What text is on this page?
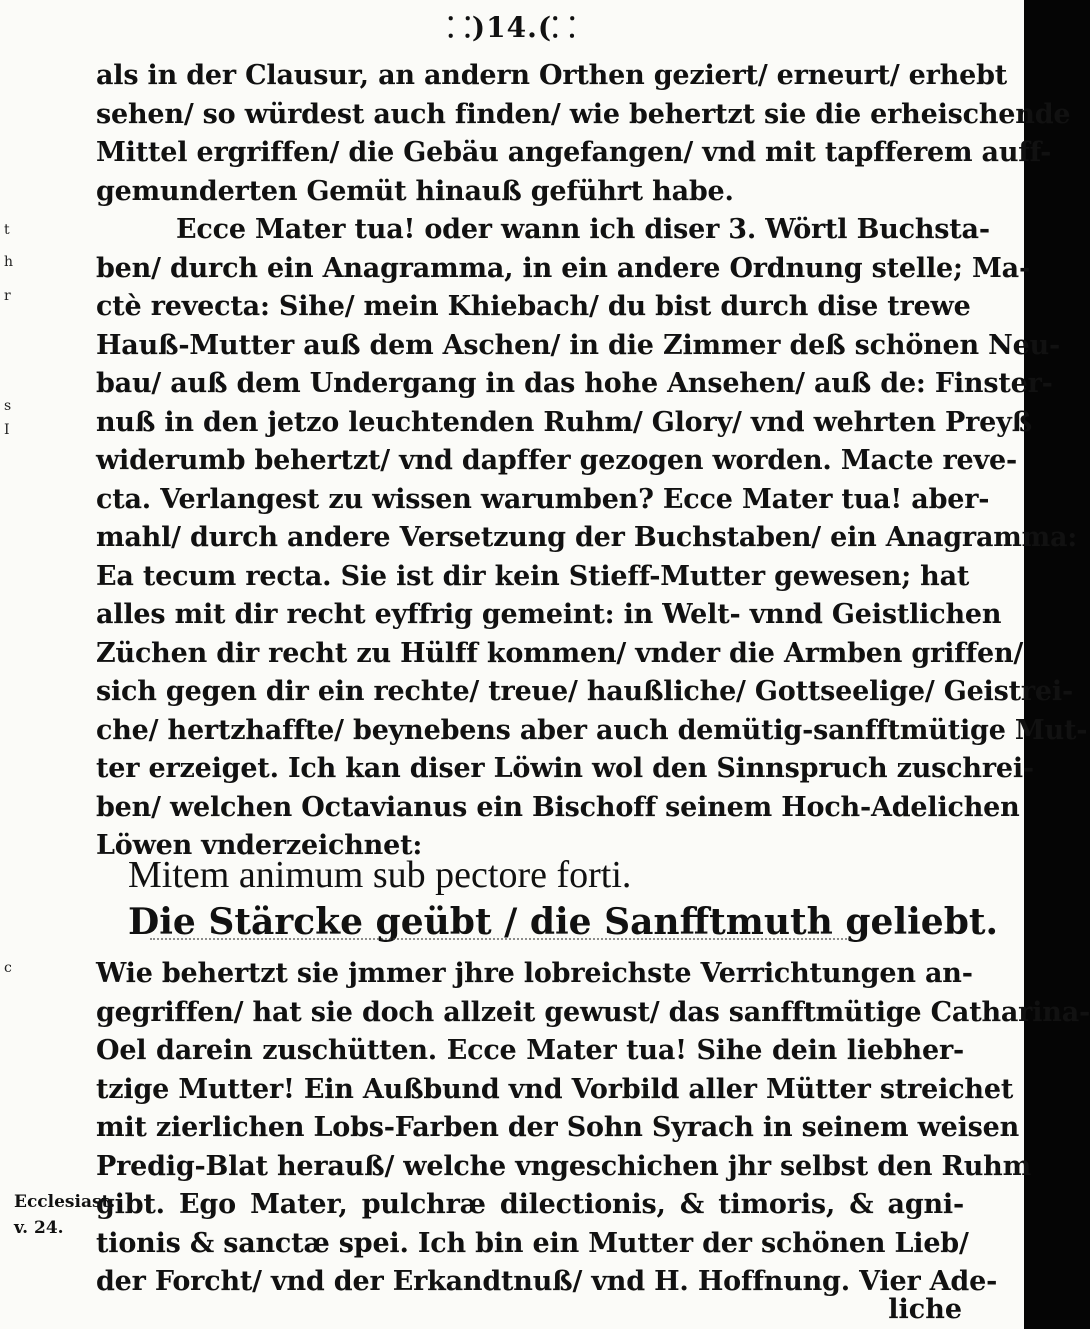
⸬)14.(⸬
t
h
r
s
I
c
als in der Clausur, an andern Orthen geziert/ erneurt/ erhebt
sehen/ so würdest auch finden/ wie behertzt sie die erheischende
Mittel ergriffen/ die Gebäu angefangen/ vnd mit tapfferem auff-
gemunderten Gemüt hinauß geführt habe.
Ecce Mater tua! oder wann ich diser 3. Wörtl Buchsta-
ben/ durch ein Anagramma, in ein andere Ordnung stelle; Ma-
ctè revecta: Sihe/ mein Khiebach/ du bist durch dise trewe
Hauß-Mutter auß dem Aschen/ in die Zimmer deß schönen Neu-
bau/ auß dem Undergang in das hohe Ansehen/ auß de: Finster-
nuß in den jetzo leuchtenden Ruhm/ Glory/ vnd wehrten Preyß
widerumb behertzt/ vnd dapffer gezogen worden. Macte reve-
cta. Verlangest zu wissen warumben? Ecce Mater tua! aber-
mahl/ durch andere Versetzung der Buchstaben/ ein Anagramma:
Ea tecum recta. Sie ist dir kein Stieff-Mutter gewesen; hat
alles mit dir recht eyffrig gemeint: in Welt- vnnd Geistlichen
Züchen dir recht zu Hülff kommen/ vnder die Armben griffen/
sich gegen dir ein rechte/ treue/ haußliche/ Gottseelige/ Geistrei-
che/ hertzhaffte/ beynebens aber auch demütig-sanfftmütige Mut-
ter erzeiget. Ich kan diser Löwin wol den Sinnspruch zuschrei-
ben/ welchen Octavianus ein Bischoff seinem Hoch-Adelichen
Löwen vnderzeichnet:
Mitem animum sub pectore forti.
Die Stärcke geübt / die Sanfftmuth geliebt.
Wie behertzt sie jmmer jhre lobreichste Verrichtungen an-
gegriffen/ hat sie doch allzeit gewust/ das sanfftmütige Catharina-
Oel darein zuschütten. Ecce Mater tua! Sihe dein liebher-
tzige Mutter! Ein Außbund vnd Vorbild aller Mütter streichet
mit zierlichen Lobs-Farben der Sohn Syrach in seinem weisen
Predig-Blat herauß/ welche vngeschichen jhr selbst den Ruhm
gibt. Ego Mater, pulchræ dilectionis, & timoris, & agni-
tionis & sanctæ spei. Ich bin ein Mutter der schönen Lieb/
der Forcht/ vnd der Erkandtnuß/ vnd H. Hoffnung. Vier Ade-
liche
Ecclesiast.
v. 24.
